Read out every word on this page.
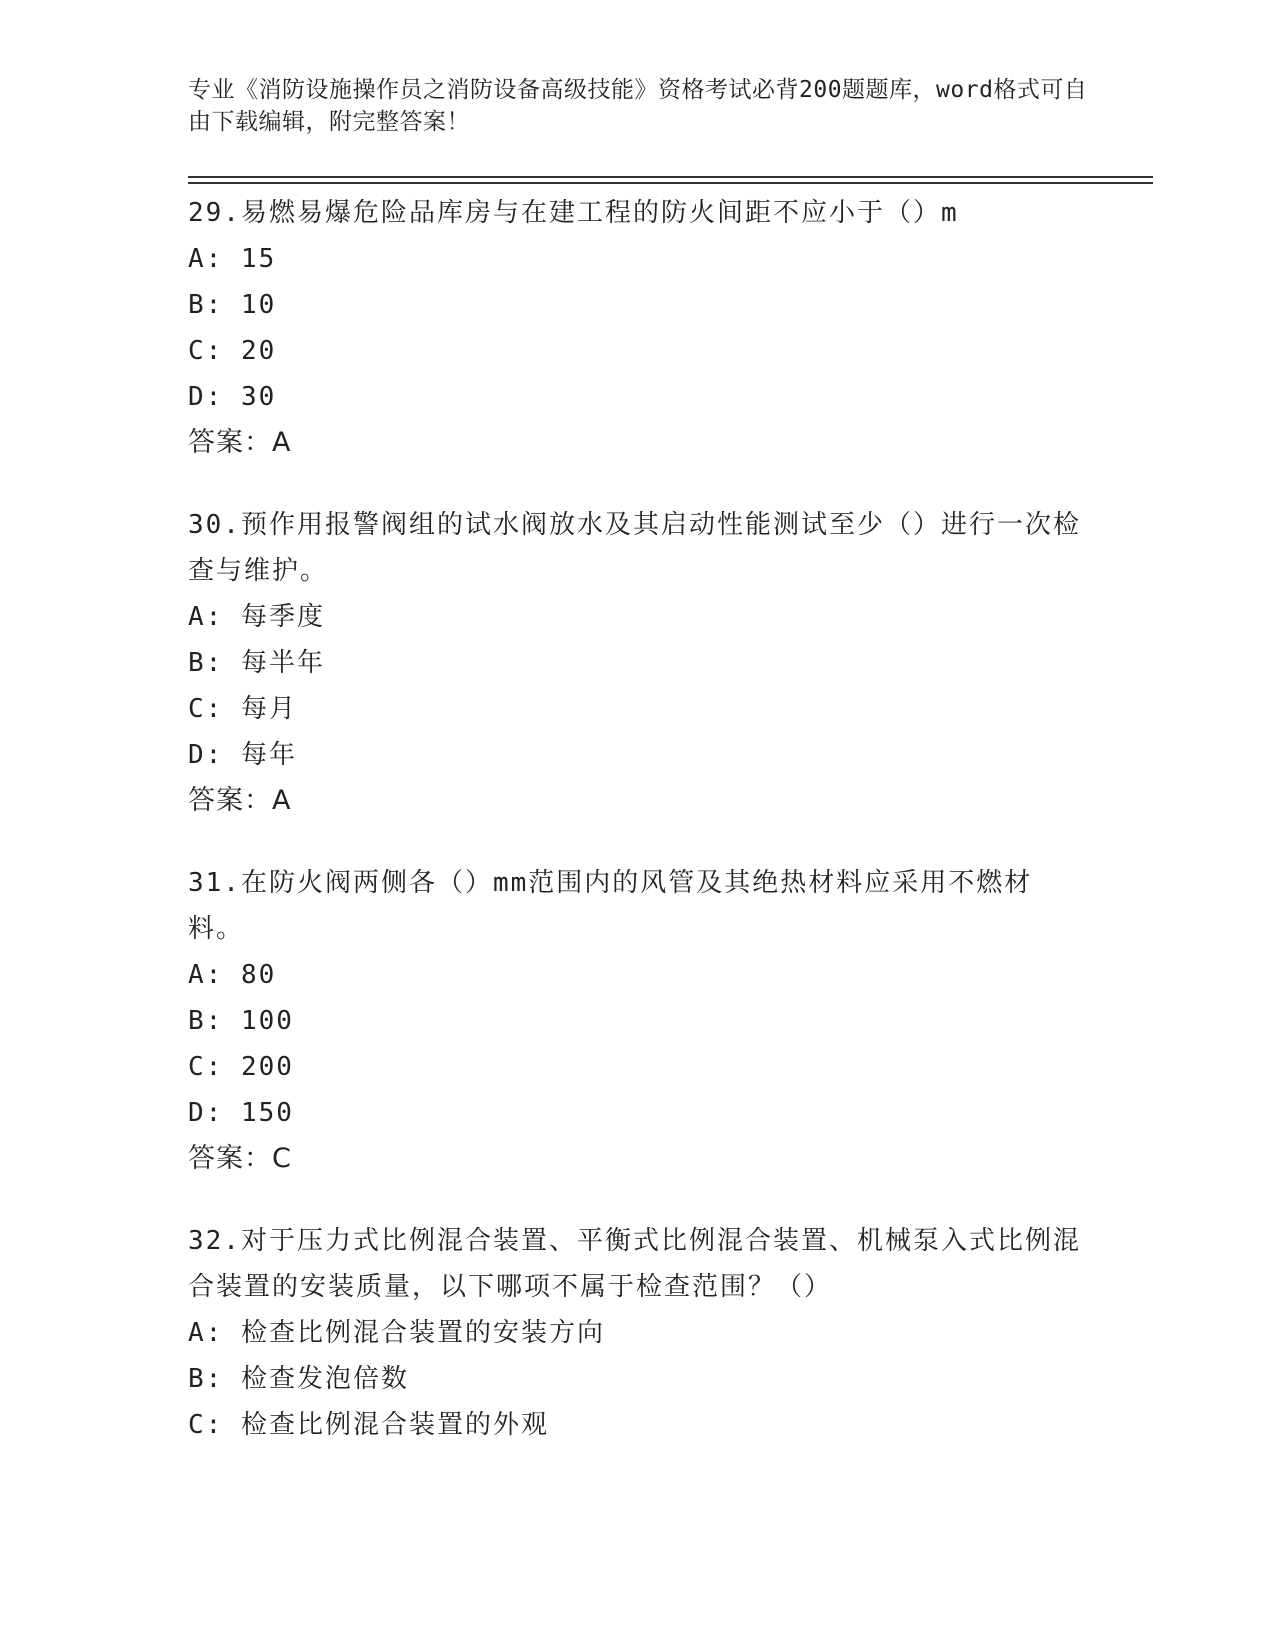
专业《消防设施操作员之消防设备高级技能》资格考试必背200题题库，word格式可自由下载编辑，附完整答案！
29.易燃易爆危险品库房与在建工程的防火间距不应小于（）m
A: 15
B: 10
C: 20
D: 30
答案：A
30.预作用报警阀组的试水阀放水及其启动性能测试至少（）进行一次检查与维护。
A: 每季度
B: 每半年
C: 每月
D: 每年
答案：A
31.在防火阀两侧各（）mm范围内的风管及其绝热材料应采用不燃材料。
A: 80
B: 100
C: 200
D: 150
答案：C
32.对于压力式比例混合装置、平衡式比例混合装置、机械泵入式比例混合装置的安装质量，以下哪项不属于检查范围？（）
A: 检查比例混合装置的安装方向
B: 检查发泡倍数
C: 检查比例混合装置的外观
